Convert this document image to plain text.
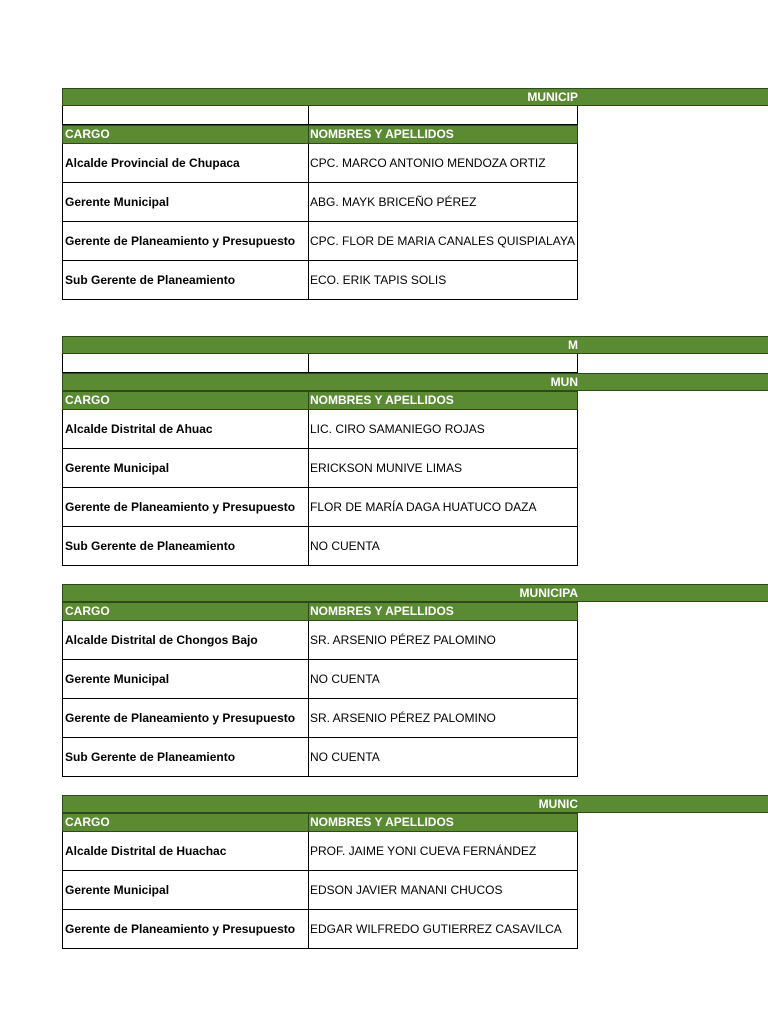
MUNICIP
CARGO	NOMBRES Y APELLIDOS
Alcalde Provincial de Chupaca	CPC. MARCO ANTONIO MENDOZA ORTIZ
Gerente Municipal	ABG. MAYK BRICEÑO PÉREZ
Gerente de Planeamiento y Presupuesto	CPC. FLOR DE MARIA CANALES QUISPIALAYA
Sub Gerente de Planeamiento	ECO. ERIK TAPIS SOLIS
M
MUN
CARGO	NOMBRES Y APELLIDOS
Alcalde Distrital de Ahuac	LIC. CIRO SAMANIEGO ROJAS
Gerente Municipal	ERICKSON MUNIVE LIMAS
Gerente de Planeamiento y Presupuesto	FLOR DE MARÍA DAGA HUATUCO DAZA
Sub Gerente de Planeamiento	NO CUENTA
MUNICIPA
CARGO	NOMBRES Y APELLIDOS
Alcalde Distrital de Chongos Bajo	SR. ARSENIO PÉREZ PALOMINO
Gerente Municipal	NO CUENTA
Gerente de Planeamiento y Presupuesto	SR. ARSENIO PÉREZ PALOMINO
Sub Gerente de Planeamiento	NO CUENTA
MUNIC
CARGO	NOMBRES Y APELLIDOS
Alcalde Distrital de Huachac	PROF. JAIME YONI CUEVA FERNÁNDEZ
Gerente Municipal	EDSON JAVIER MANANI CHUCOS
Gerente de Planeamiento y Presupuesto	EDGAR WILFREDO GUTIERREZ CASAVILCA
